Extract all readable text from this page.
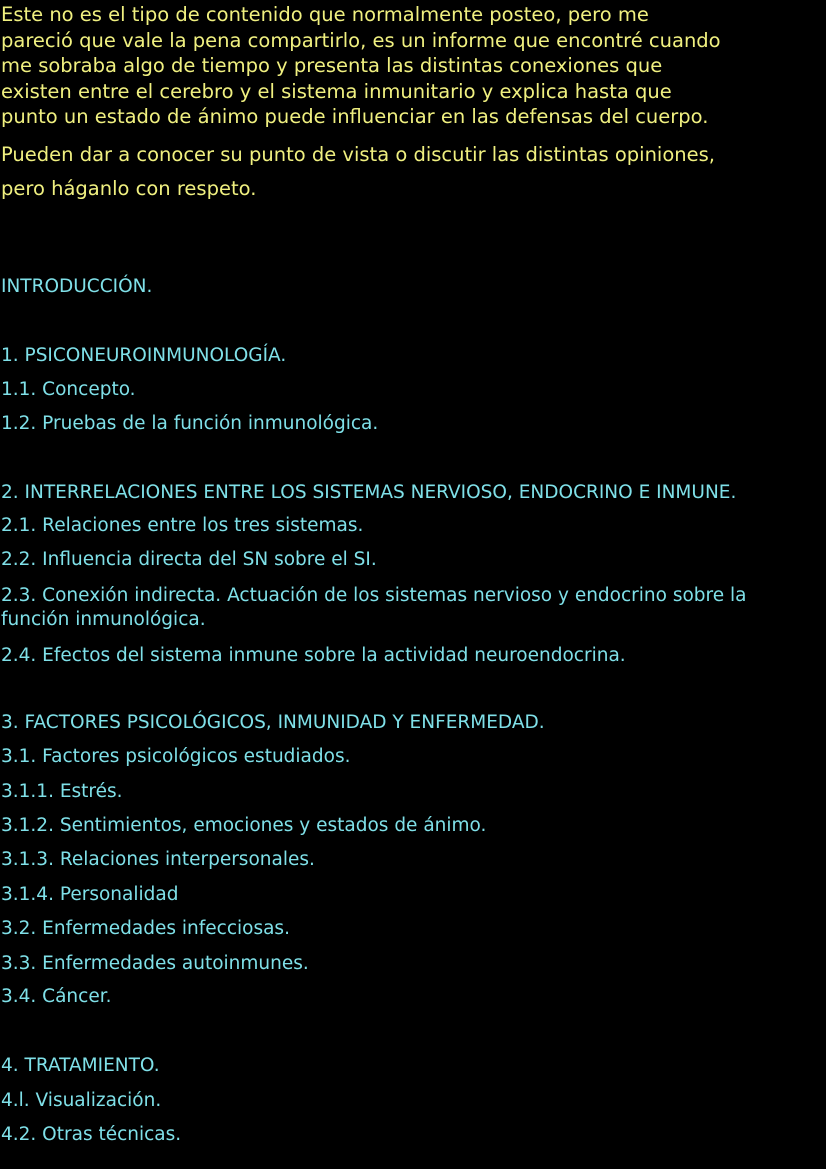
Este no es el tipo de contenido que normalmente posteo, pero me
pareció que vale la pena compartirlo, es un informe que encontré cuando
me sobraba algo de tiempo y presenta las distintas conexiones que
existen entre el cerebro y el sistema inmunitario y explica hasta que
punto un estado de ánimo puede influenciar en las defensas del cuerpo.

Pueden dar a conocer su punto de vista o discutir las distintas opiniones,
pero háganlo con respeto.

INTRODUCCIÓN.
1. PSICONEUROINMUNOLOGÍA.
1.1. Concepto.
1.2. Pruebas de la función inmunológica.
2. INTERRELACIONES ENTRE LOS SISTEMAS NERVIOSO, ENDOCRINO E INMUNE.
2.1. Relaciones entre los tres sistemas.
2.2. Influencia directa del SN sobre el SI.
2.3. Conexión indirecta. Actuación de los sistemas nervioso y endocrino sobre la función inmunológica.
2.4. Efectos del sistema inmune sobre la actividad neuroendocrina.
3. FACTORES PSICOLÓGICOS, INMUNIDAD Y ENFERMEDAD.
3.1. Factores psicológicos estudiados.
3.1.1. Estrés.
3.1.2. Sentimientos, emociones y estados de ánimo.
3.1.3. Relaciones interpersonales.
3.1.4. Personalidad
3.2. Enfermedades infecciosas.
3.3. Enfermedades autoinmunes.
3.4. Cáncer.
4. TRATAMIENTO.
4.l. Visualización.
4.2. Otras técnicas.
